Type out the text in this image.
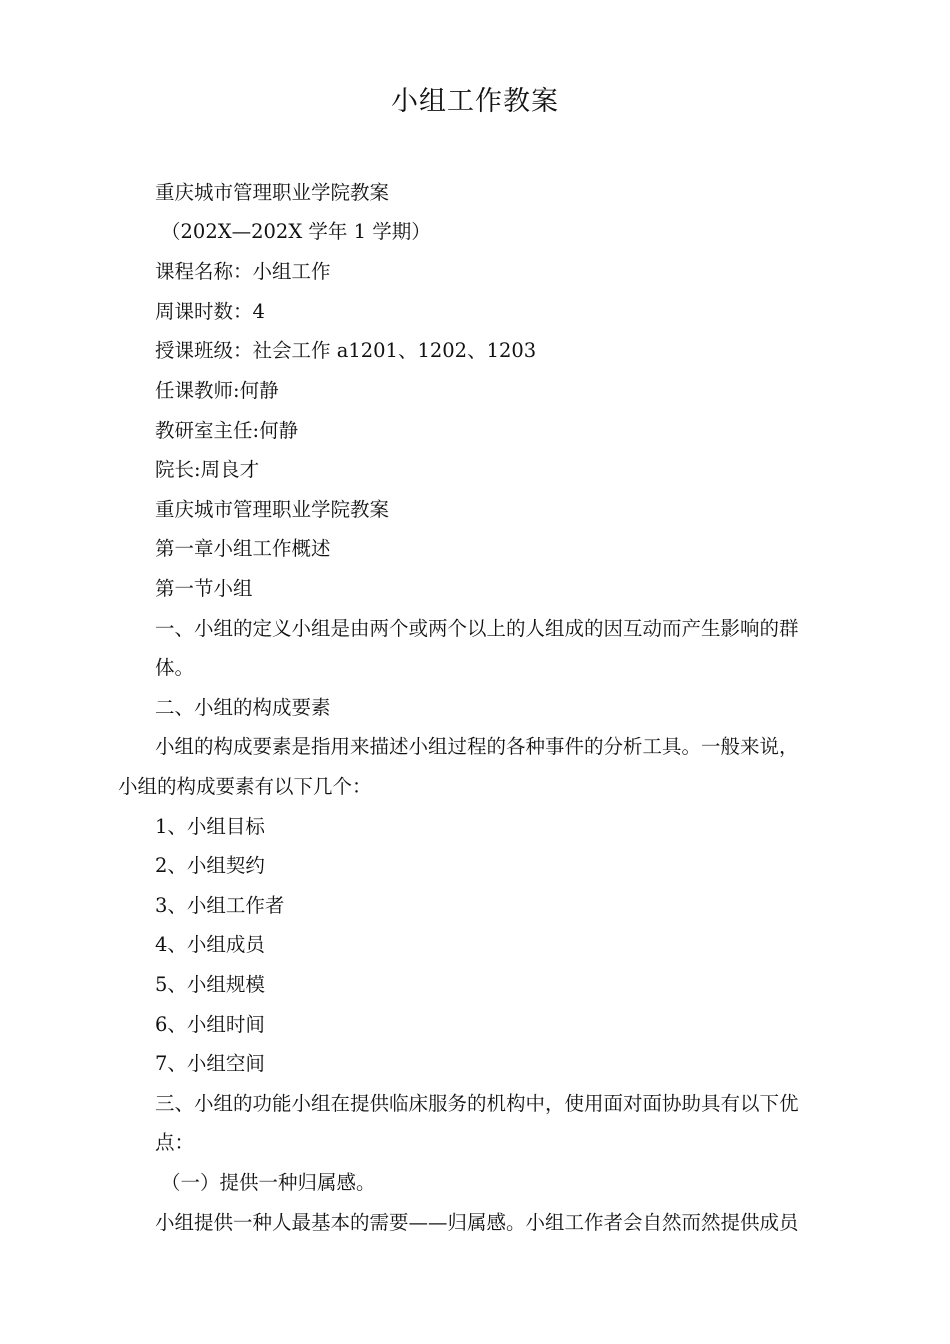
小组工作教案
重庆城市管理职业学院教案
（202X—202X 学年 1 学期）
课程名称：小组工作
周课时数：4
授课班级：社会工作 a1201、1202、1203
任课教师:何静
教研室主任:何静
院长:周良才
重庆城市管理职业学院教案
第一章小组工作概述
第一节小组
一、小组的定义小组是由两个或两个以上的人组成的因互动而产生影响的群
体。
二、小组的构成要素
小组的构成要素是指用来描述小组过程的各种事件的分析工具。一般来说，
小组的构成要素有以下几个：
1、小组目标
2、小组契约
3、小组工作者
4、小组成员
5、小组规模
6、小组时间
7、小组空间
三、小组的功能小组在提供临床服务的机构中，使用面对面协助具有以下优
点：
（一）提供一种归属感。
小组提供一种人最基本的需要——归属感。小组工作者会自然而然提供成员
